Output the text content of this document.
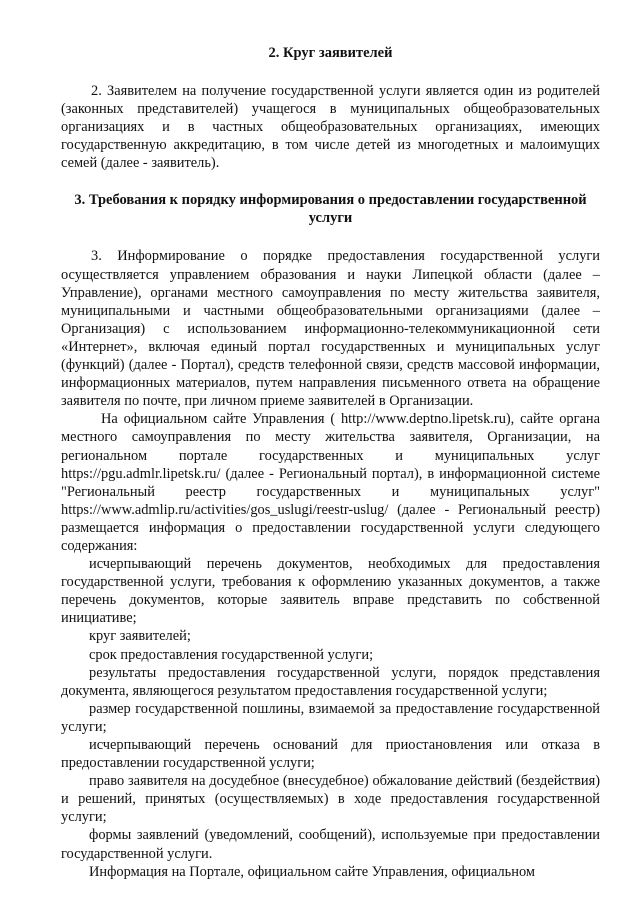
2. Круг заявителей

2. Заявителем на получение государственной услуги является один из родителей (законных представителей) учащегося в муниципальных общеобразовательных организациях и в частных общеобразовательных организациях, имеющих государственную аккредитацию, в том числе детей из многодетных и малоимущих семей (далее - заявитель).

3. Требования к порядку информирования о предоставлении государственной услуги

3. Информирование о порядке предоставления государственной услуги осуществляется управлением образования и науки Липецкой области (далее – Управление), органами местного самоуправления по месту жительства заявителя, муниципальными и частными общеобразовательными организациями (далее – Организация) с использованием информационно-телекоммуникационной сети «Интернет», включая единый портал государственных и муниципальных услуг (функций) (далее - Портал), средств телефонной связи, средств массовой информации, информационных материалов, путем направления письменного ответа на обращение заявителя по почте, при личном приеме заявителей в Организации.

На официальном сайте Управления ( http://www.deptno.lipetsk.ru), сайте органа местного самоуправления по месту жительства заявителя, Организации, на региональном портале государственных и муниципальных услуг https://pgu.admlr.lipetsk.ru/ (далее - Региональный портал), в информационной системе "Региональный реестр государственных и муниципальных услуг" https://www.admlip.ru/activities/gos_uslugi/reestr-uslug/ (далее - Региональный реестр) размещается информация о предоставлении государственной услуги следующего содержания:

исчерпывающий перечень документов, необходимых для предоставления государственной услуги, требования к оформлению указанных документов, а также перечень документов, которые заявитель вправе представить по собственной инициативе;

круг заявителей;

срок предоставления государственной услуги;

результаты предоставления государственной услуги, порядок представления документа, являющегося результатом предоставления государственной услуги;

размер государственной пошлины, взимаемой за предоставление государственной услуги;

исчерпывающий перечень оснований для приостановления или отказа в предоставлении государственной услуги;

право заявителя на досудебное (внесудебное) обжалование действий (бездействия) и решений, принятых (осуществляемых) в ходе предоставления государственной услуги;

формы заявлений (уведомлений, сообщений), используемые при предоставлении государственной услуги.

Информация на Портале, официальном сайте Управления, официальном
